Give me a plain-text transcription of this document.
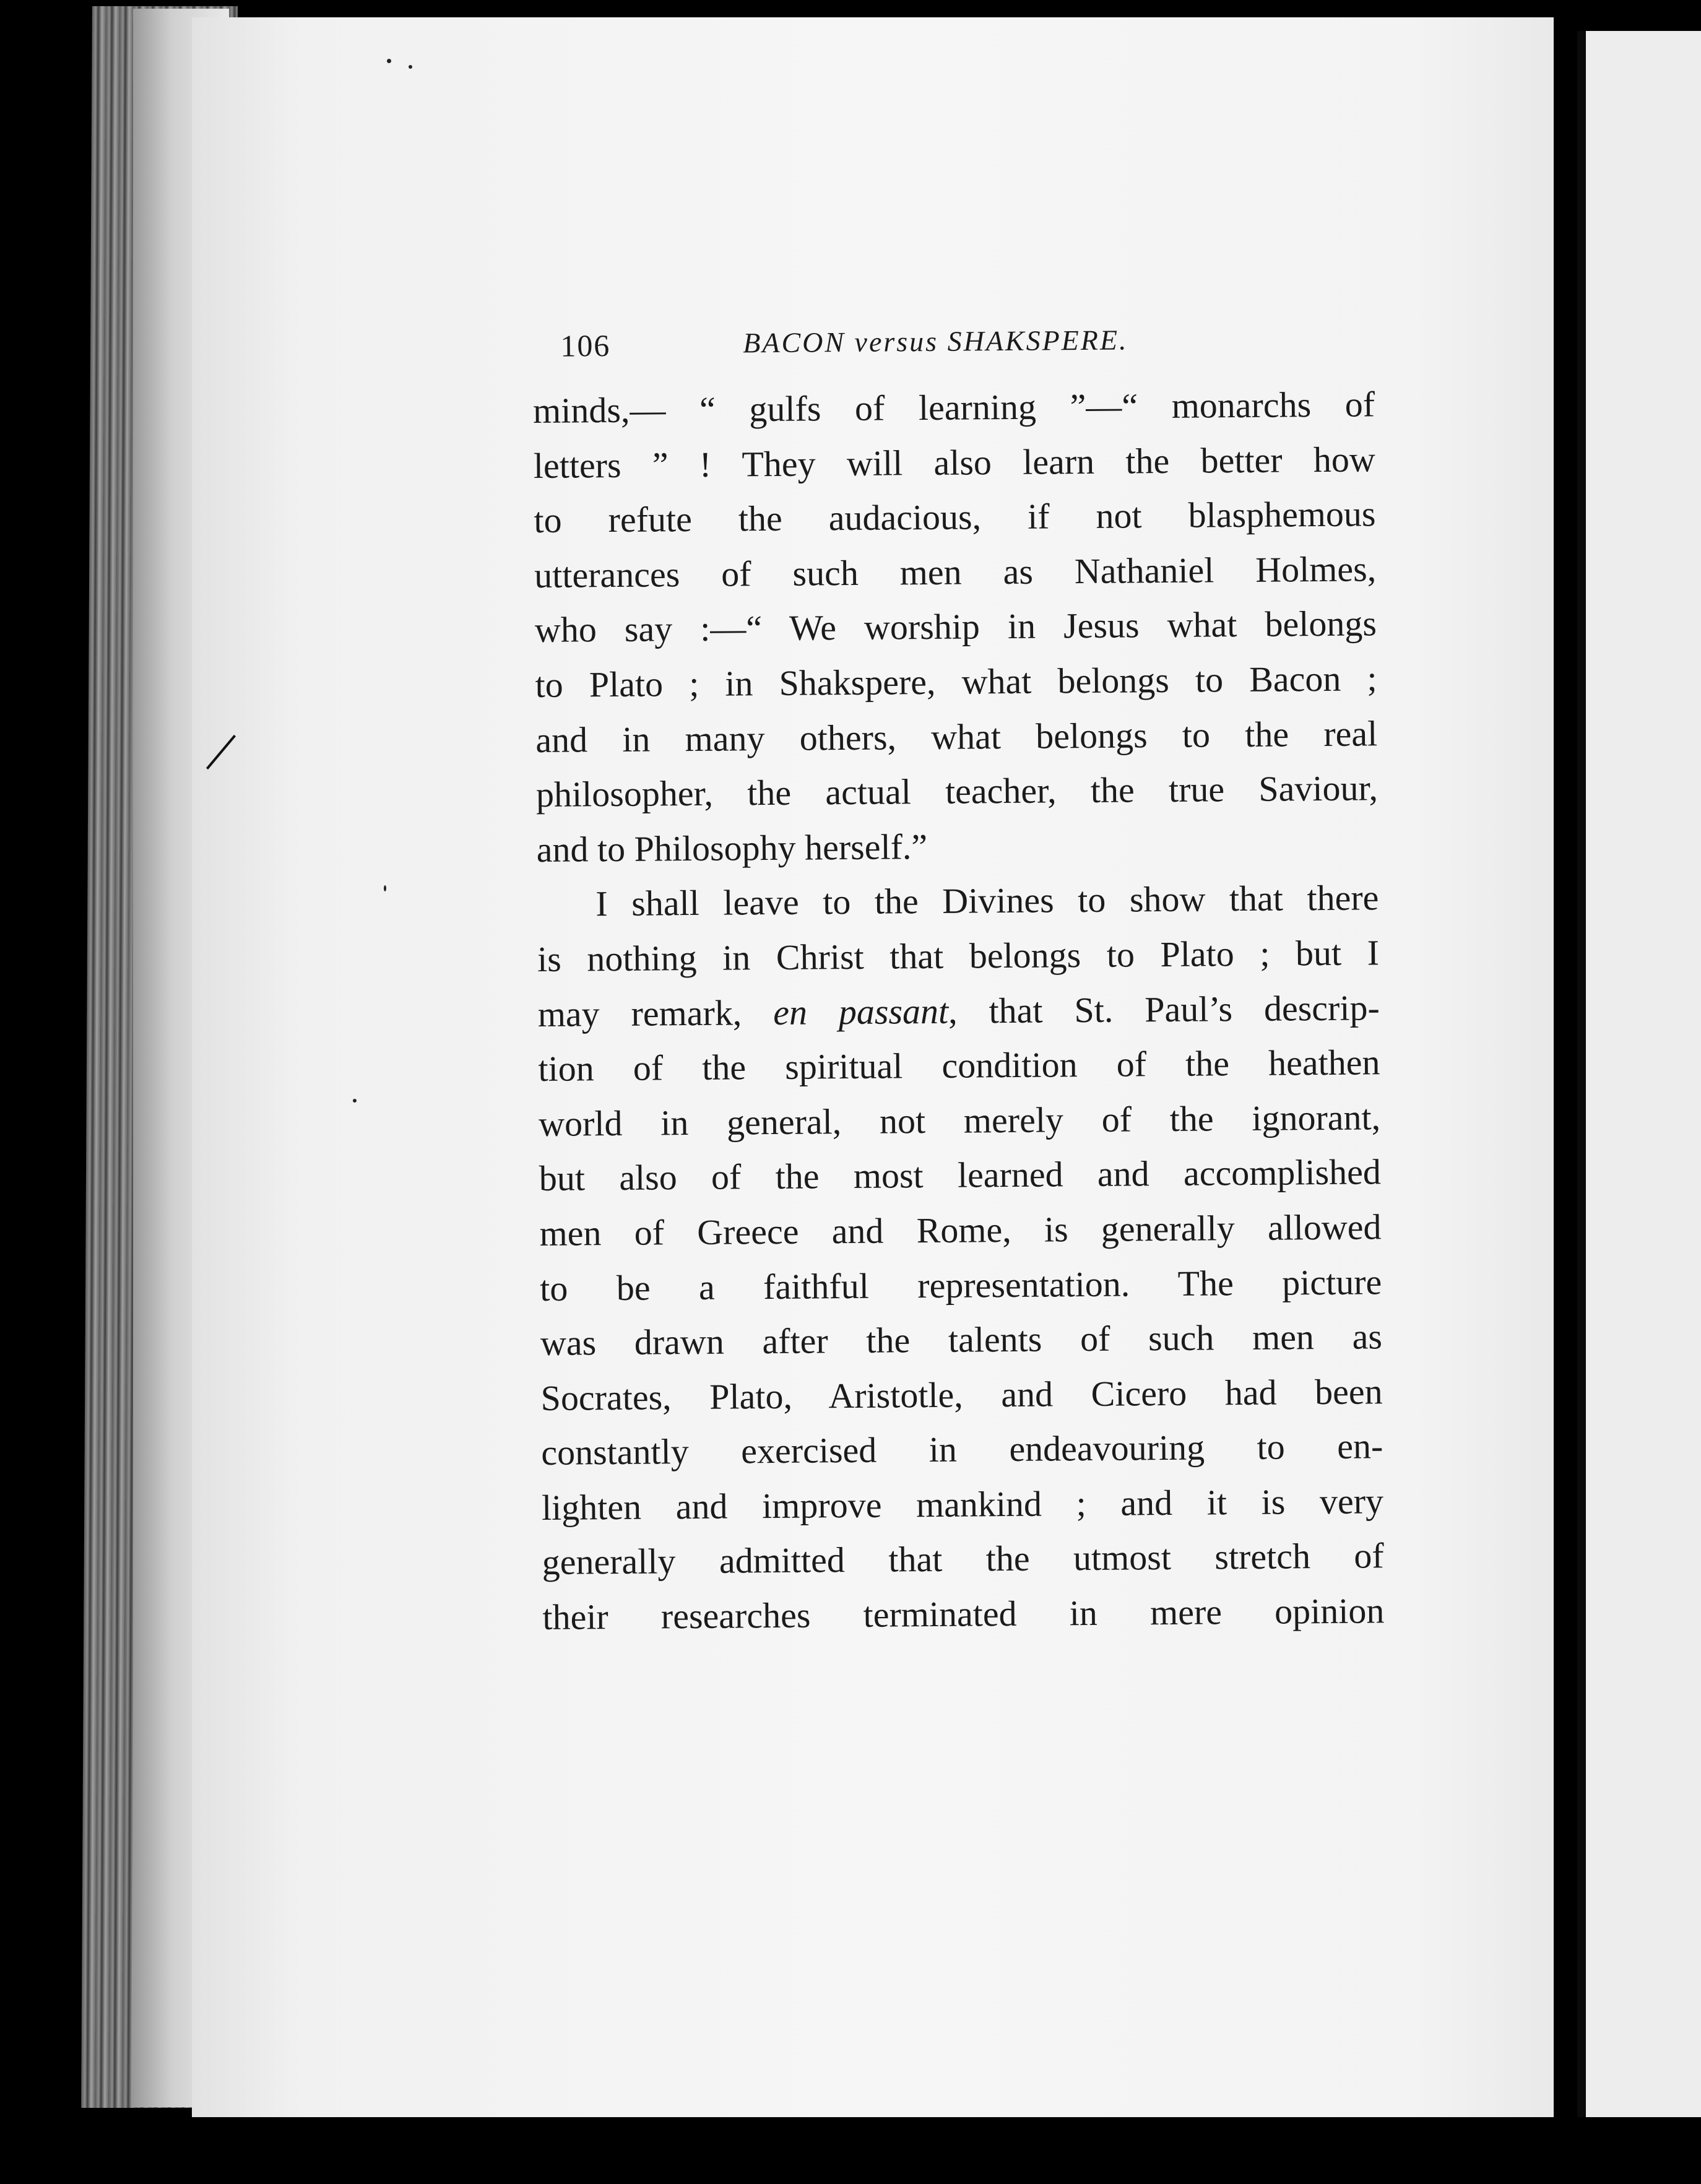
106	BACON versus SHAKSPERE.
minds,— “ gulfs of learning ”—“ monarchs of
letters ” ! They will also learn the better how
to refute the audacious, if not blasphemous
utterances of such men as Nathaniel Holmes,
who say :—“ We worship in Jesus what belongs
to Plato ; in Shakspere, what belongs to Bacon ;
and in many others, what belongs to the real
philosopher, the actual teacher, the true Saviour,
and to Philosophy herself.”
I shall leave to the Divines to show that there
is nothing in Christ that belongs to Plato ; but I
may remark, en passant, that St. Paul’s descrip-
tion of the spiritual condition of the heathen
world in general, not merely of the ignorant,
but also of the most learned and accomplished
men of Greece and Rome, is generally allowed
to be a faithful representation. The picture
was drawn after the talents of such men as
Socrates, Plato, Aristotle, and Cicero had been
constantly exercised in endeavouring to en-
lighten and improve mankind ; and it is very
generally admitted that the utmost stretch of
their researches terminated in mere opinion
